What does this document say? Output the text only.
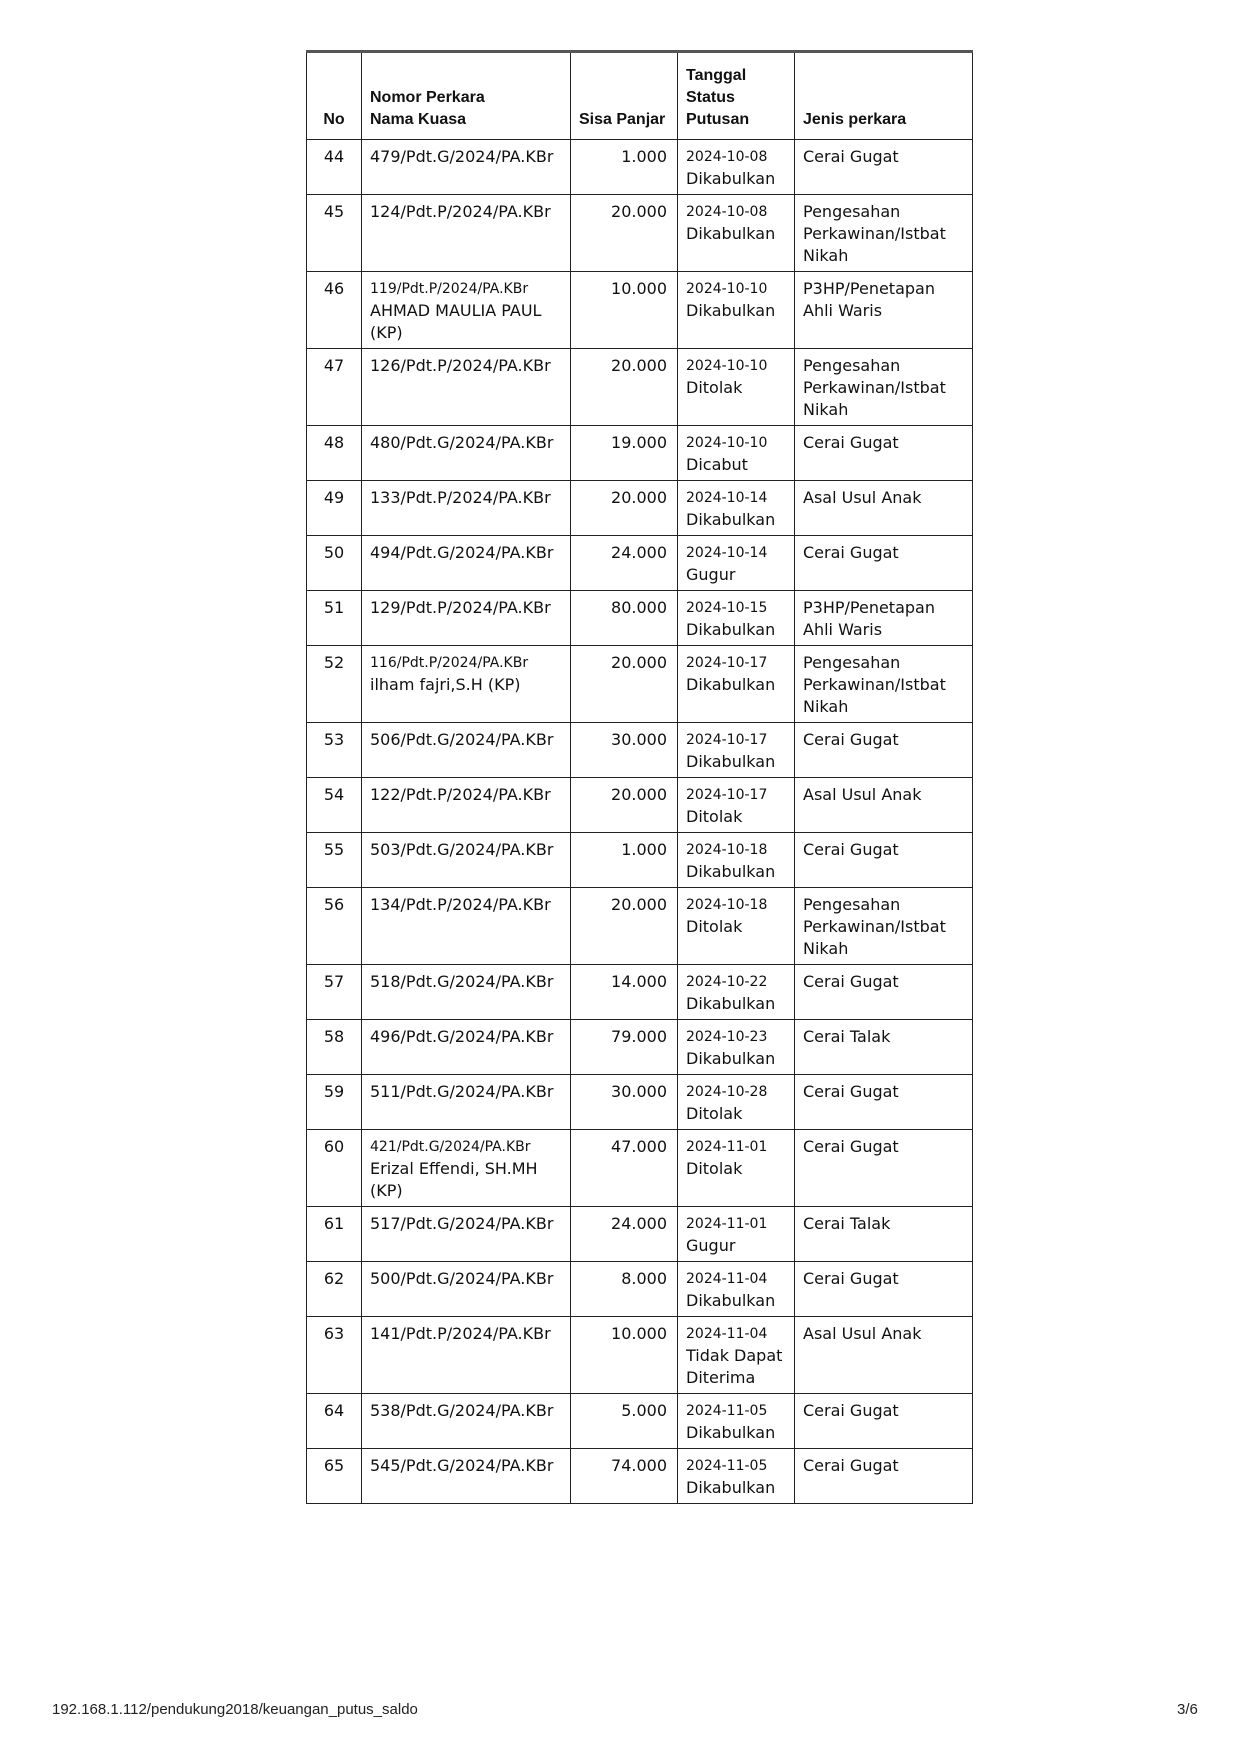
No	Nomor Perkara
Nama Kuasa	Sisa Panjar	Tanggal
Status
Putusan	Jenis perkara
44	479/Pdt.G/2024/PA.KBr	1.000	2024-10-08
Dikabulkan	Cerai Gugat
45	124/Pdt.P/2024/PA.KBr	20.000	2024-10-08
Dikabulkan	Pengesahan Perkawinan/Istbat Nikah
46	119/Pdt.P/2024/PA.KBr
AHMAD MAULIA PAUL (KP)	10.000	2024-10-10
Dikabulkan	P3HP/Penetapan Ahli Waris
47	126/Pdt.P/2024/PA.KBr	20.000	2024-10-10
Ditolak	Pengesahan Perkawinan/Istbat Nikah
48	480/Pdt.G/2024/PA.KBr	19.000	2024-10-10
Dicabut	Cerai Gugat
49	133/Pdt.P/2024/PA.KBr	20.000	2024-10-14
Dikabulkan	Asal Usul Anak
50	494/Pdt.G/2024/PA.KBr	24.000	2024-10-14
Gugur	Cerai Gugat
51	129/Pdt.P/2024/PA.KBr	80.000	2024-10-15
Dikabulkan	P3HP/Penetapan Ahli Waris
52	116/Pdt.P/2024/PA.KBr
ilham fajri,S.H (KP)	20.000	2024-10-17
Dikabulkan	Pengesahan Perkawinan/Istbat Nikah
53	506/Pdt.G/2024/PA.KBr	30.000	2024-10-17
Dikabulkan	Cerai Gugat
54	122/Pdt.P/2024/PA.KBr	20.000	2024-10-17
Ditolak	Asal Usul Anak
55	503/Pdt.G/2024/PA.KBr	1.000	2024-10-18
Dikabulkan	Cerai Gugat
56	134/Pdt.P/2024/PA.KBr	20.000	2024-10-18
Ditolak	Pengesahan Perkawinan/Istbat Nikah
57	518/Pdt.G/2024/PA.KBr	14.000	2024-10-22
Dikabulkan	Cerai Gugat
58	496/Pdt.G/2024/PA.KBr	79.000	2024-10-23
Dikabulkan	Cerai Talak
59	511/Pdt.G/2024/PA.KBr	30.000	2024-10-28
Ditolak	Cerai Gugat
60	421/Pdt.G/2024/PA.KBr
Erizal Effendi, SH.MH (KP)	47.000	2024-11-01
Ditolak	Cerai Gugat
61	517/Pdt.G/2024/PA.KBr	24.000	2024-11-01
Gugur	Cerai Talak
62	500/Pdt.G/2024/PA.KBr	8.000	2024-11-04
Dikabulkan	Cerai Gugat
63	141/Pdt.P/2024/PA.KBr	10.000	2024-11-04
Tidak Dapat Diterima	Asal Usul Anak
64	538/Pdt.G/2024/PA.KBr	5.000	2024-11-05
Dikabulkan	Cerai Gugat
65	545/Pdt.G/2024/PA.KBr	74.000	2024-11-05
Dikabulkan	Cerai Gugat
192.168.1.112/pendukung2018/keuangan_putus_saldo	3/6
